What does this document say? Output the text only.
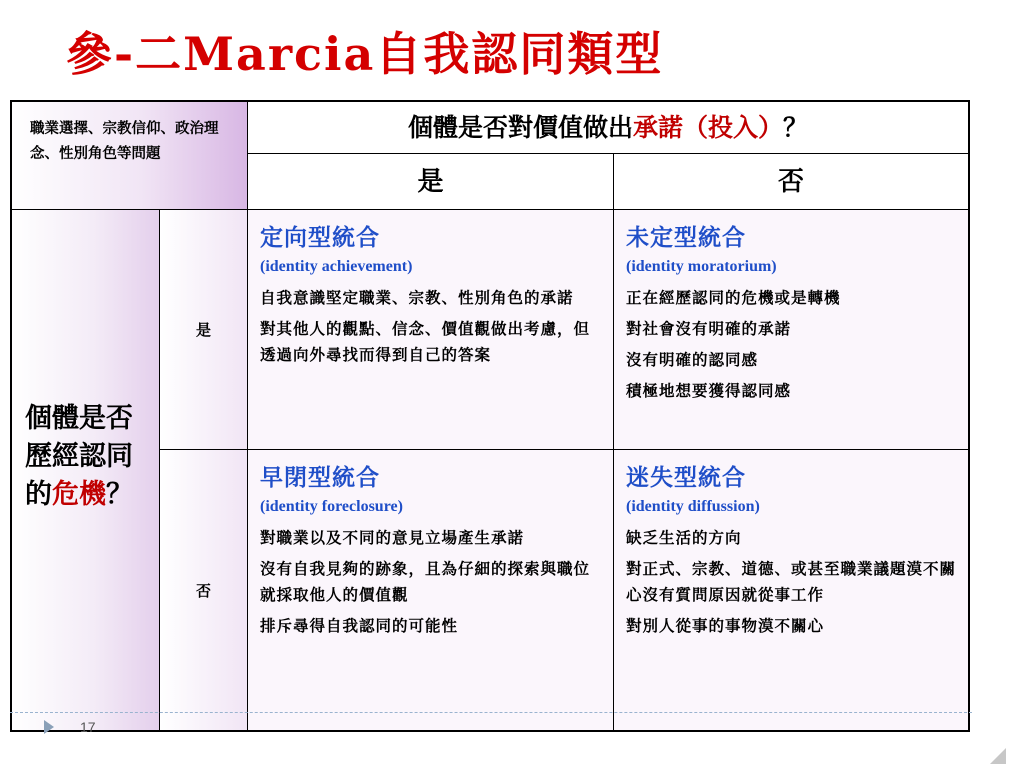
參-二Marcia自我認同類型
職業選擇、宗教信仰、政治理念、性別角色等問題
個體是否對價值做出承諾（投入）？
是	否
個體是否歷經認同的危機？
是
否
定向型統合
(identity achievement)
自我意識堅定職業、宗教、性別角色的承諾
對其他人的觀點、信念、價值觀做出考慮，但透過向外尋找而得到自己的答案
未定型統合
(identity moratorium)
正在經歷認同的危機或是轉機
對社會沒有明確的承諾
沒有明確的認同感
積極地想要獲得認同感
早閉型統合
(identity foreclosure)
對職業以及不同的意見立場產生承諾
沒有自我見夠的跡象，且為仔細的探索與職位就採取他人的價值觀
排斥尋得自我認同的可能性
迷失型統合
(identity diffussion)
缺乏生活的方向
對正式、宗教、道德、或甚至職業議題漠不關心沒有質問原因就從事工作
對別人從事的事物漠不關心
17
